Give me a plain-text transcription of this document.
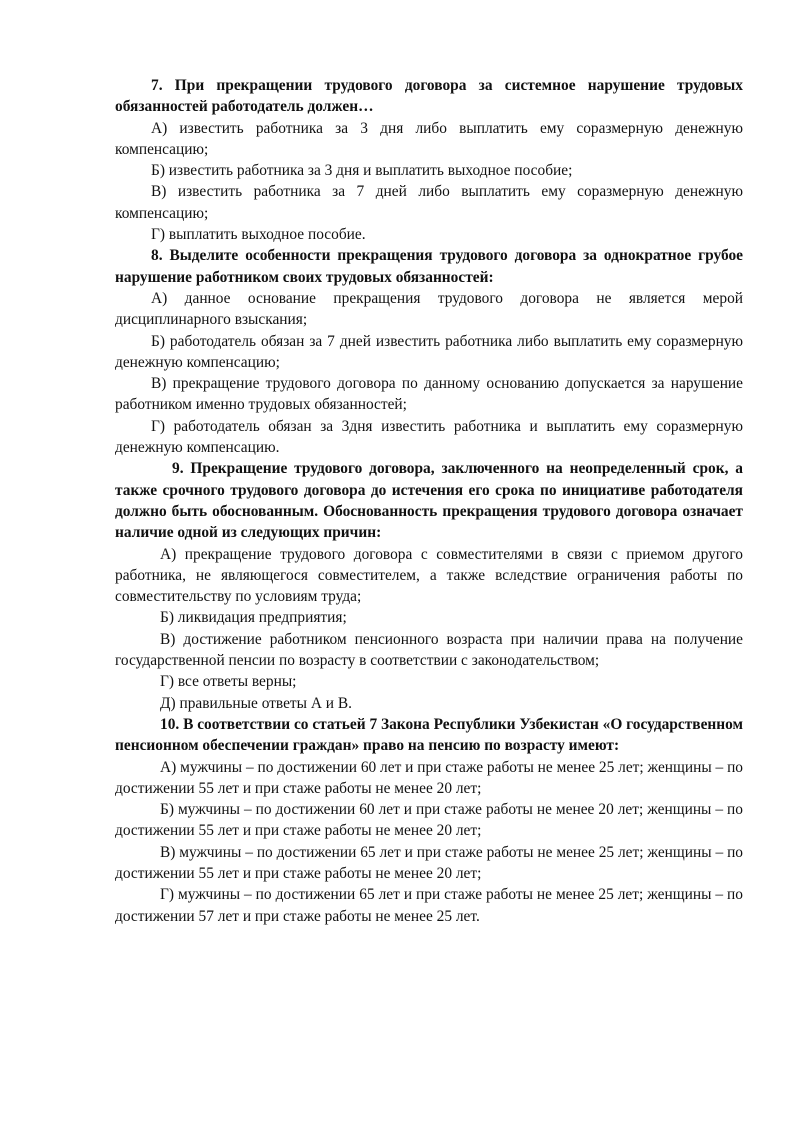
7. При прекращении трудового договора за системное нарушение трудовых обязанностей работодатель должен…

А) известить работника за 3 дня либо выплатить ему соразмерную денежную компенсацию;

Б) известить работника за 3 дня и выплатить выходное пособие;

В) известить работника за 7 дней либо выплатить ему соразмерную денежную компенсацию;

Г) выплатить выходное пособие.

8. Выделите особенности прекращения трудового договора за однократное грубое нарушение работником своих трудовых обязанностей:

А) данное основание прекращения трудового договора не является мерой дисциплинарного взыскания;

Б) работодатель обязан за 7 дней известить работника либо выплатить ему соразмерную денежную компенсацию;

В) прекращение трудового договора по данному основанию допускается за нарушение работником именно трудовых обязанностей;

Г) работодатель обязан за 3дня известить работника и выплатить ему соразмерную денежную компенсацию.

9. Прекращение трудового договора, заключенного на неопределенный срок, а также срочного трудового договора до истечения его срока по инициативе работодателя должно быть обоснованным. Обоснованность прекращения трудового договора означает наличие одной из следующих причин:

А) прекращение трудового договора с совместителями в связи с приемом другого работника, не являющегося совместителем, а также вследствие ограничения работы по совместительству по условиям труда;

Б) ликвидация предприятия;

В) достижение работником пенсионного возраста при наличии права на получение государственной пенсии по возрасту в соответствии с законодательством;

Г) все ответы верны;

Д) правильные ответы А и В.

10. В соответствии со статьей 7 Закона Республики Узбекистан «О государственном пенсионном обеспечении граждан» право на пенсию по возрасту имеют:

А) мужчины – по достижении 60 лет и при стаже работы не менее 25 лет; женщины – по достижении 55 лет и при стаже работы не менее 20 лет;

Б) мужчины – по достижении 60 лет и при стаже работы не менее 20 лет; женщины – по достижении 55 лет и при стаже работы не менее 20 лет;

В) мужчины – по достижении 65 лет и при стаже работы не менее 25 лет; женщины – по достижении 55 лет и при стаже работы не менее 20 лет;

Г) мужчины – по достижении 65 лет и при стаже работы не менее 25 лет; женщины – по достижении 57 лет и при стаже работы не менее 25 лет.
